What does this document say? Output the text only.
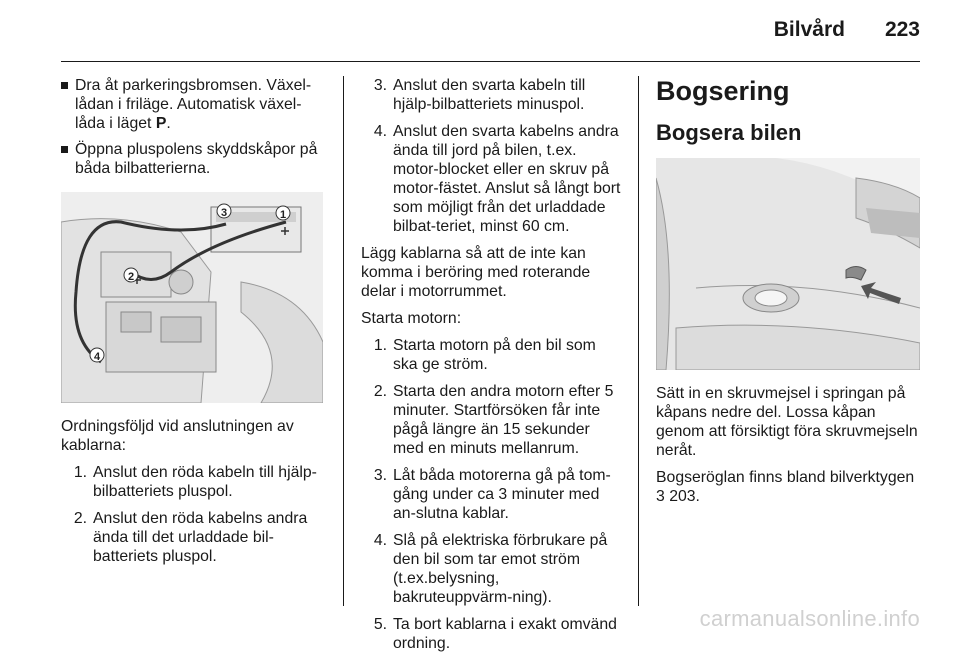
Bilvård 223
Dra åt parkeringsbromsen. Växel-lådan i friläge. Automatisk växel-låda i läget P.
Öppna pluspolens skyddskåpor på båda bilbatterierna.
3	1
2
4

Ordningsföljd vid anslutningen av kablarna:

1. Anslut den röda kabeln till hjälp-bilbatteriets pluspol.
2. Anslut den röda kabelns andra ända till det urladdade bil-batteriets pluspol.
3. Anslut den svarta kabeln till hjälp-bilbatteriets minuspol.
4. Anslut den svarta kabelns andra ända till jord på bilen, t.ex. motor-blocket eller en skruv på motor-fästet. Anslut så långt bort som möjligt från det urladdade bilbat-teriet, minst 60 cm.

Lägg kablarna så att de inte kan komma i beröring med roterande delar i motorrummet.

Starta motorn:

1. Starta motorn på den bil som ska ge ström.
2. Starta den andra motorn efter 5 minuter. Startförsöken får inte pågå längre än 15 sekunder med en minuts mellanrum.
3. Låt båda motorerna gå på tom-gång under ca 3 minuter med an-slutna kablar.
4. Slå på elektriska förbrukare på den bil som tar emot ström (t.ex.belysning, bakruteuppvärm-ning).
5. Ta bort kablarna i exakt omvänd ordning.
Bogsering
Bogsera bilen

Sätt in en skruvmejsel i springan på kåpans nedre del. Lossa kåpan genom att försiktigt föra skruvmejseln neråt.

Bogseröglan finns bland bilverktygen 3 203.

carmanualsonline.info
